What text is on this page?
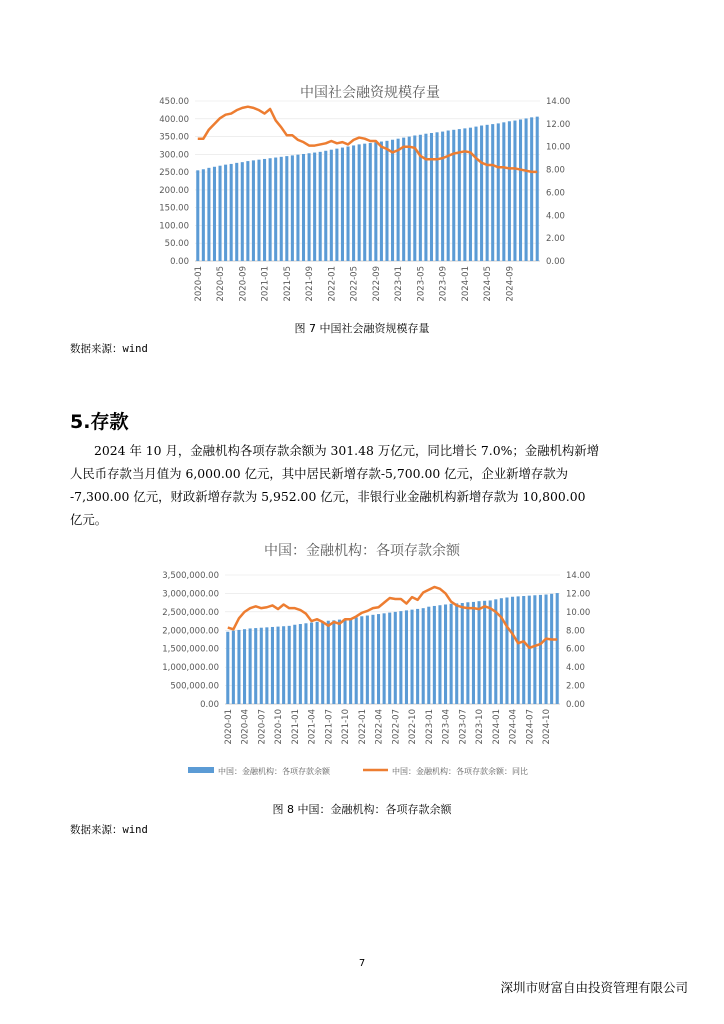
中国社会融资规模存量
0.00
50.00
100.00
150.00
200.00
250.00
300.00
350.00
400.00
450.00
0.00
2.00
4.00
6.00
8.00
10.00
12.00
14.00
2020-01 2020-05 2020-09 2021-01 2021-05 2021-09 2022-01 2022-05 2022-09 2023-01 2023-05 2023-09 2024-01 2024-05 2024-09
图 7 中国社会融资规模存量
数据来源：wind
5.存款
2024 年 10 月，金融机构各项存款余额为 301.48 万亿元，同比增长 7.0%；金融机构新增
人民币存款当月值为 6,000.00 亿元，其中居民新增存款-5,700.00 亿元，企业新增存款为
-7,300.00 亿元，财政新增存款为 5,952.00 亿元，非银行业金融机构新增存款为 10,800.00
亿元。
中国：金融机构：各项存款余额
0.00
500,000.00
1,000,000.00
1,500,000.00
2,000,000.00
2,500,000.00
3,000,000.00
3,500,000.00
0.00
2.00
4.00
6.00
8.00
10.00
12.00
14.00
2020-01 2020-04 2020-07 2020-10 2021-01 2021-04 2021-07 2021-10 2022-01 2022-04 2022-07 2022-10 2023-01 2023-04 2023-07 2023-10 2024-01 2024-04 2024-07 2024-10
中国：金融机构：各项存款余额	中国：金融机构：各项存款余额：同比
图 8 中国：金融机构：各项存款余额
数据来源：wind
7
深圳市财富自由投资管理有限公司
